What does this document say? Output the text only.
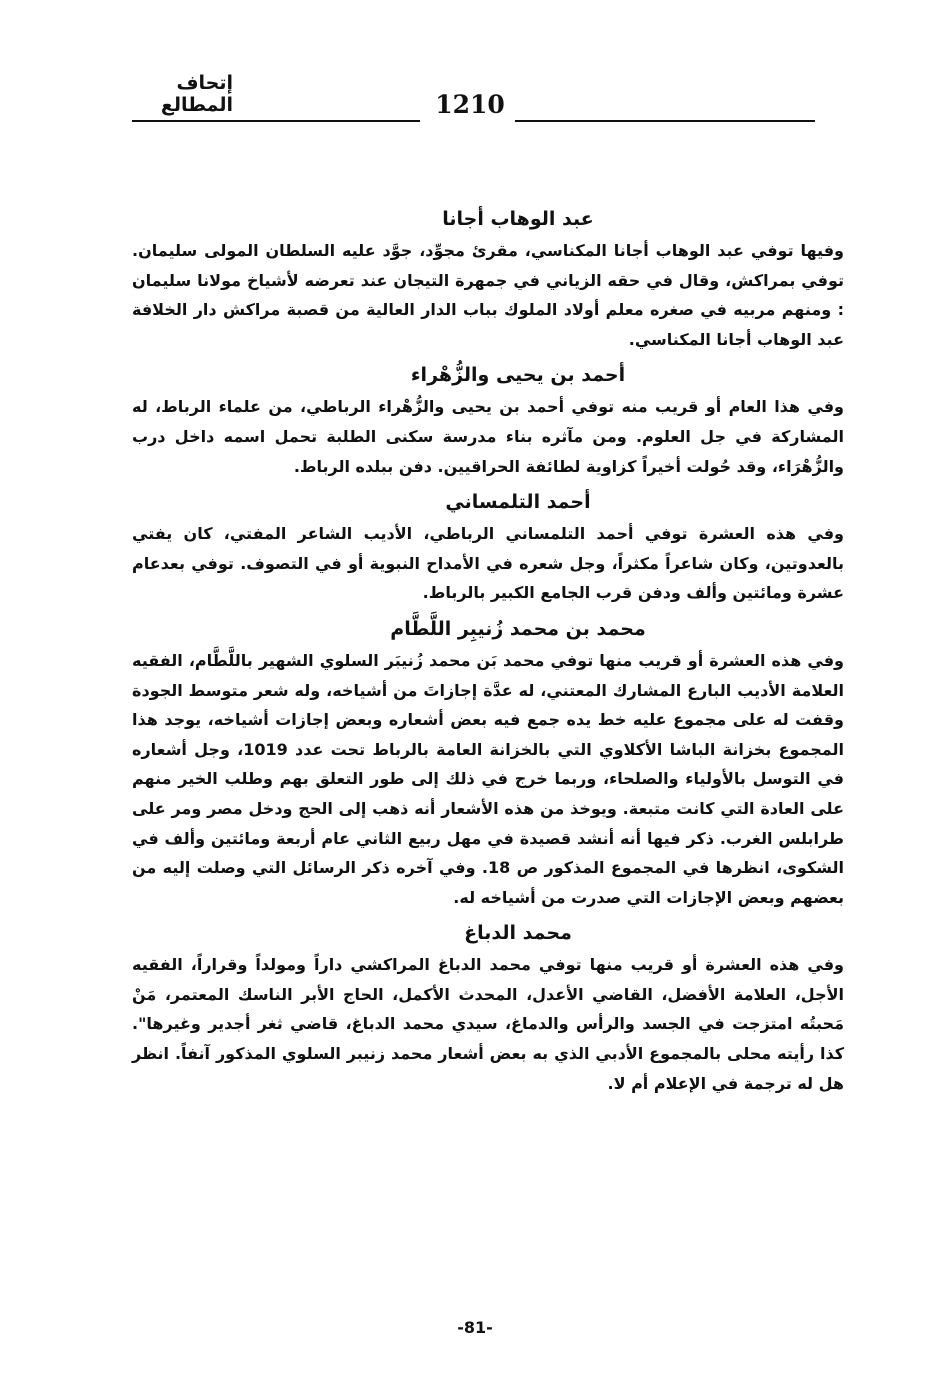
إتحاف المطالع	1210
عبد الوهاب أجانا

وفيها توفي عبد الوهاب أجانا المكناسي، مقرئ مجوِّد، جوَّد عليه السلطان المولى سليمان. توفي بمراكش، وقال في حقه الزياني في جمهرة التيجان عند تعرضه لأشياخ مولانا سليمان : ومنهم مربيه في صغره معلم أولاد الملوك بباب الدار العالية من قصبة مراكش دار الخلافة عبد الوهاب أجانا المكناسي.

أحمد بن يحيى والزُّهْراء

وفي هذا العام أو قريب منه توفي أحمد بن يحيى والزُّهْراء الرباطي، من علماء الرباط، له المشاركة في جل العلوم. ومن مآثره بناء مدرسة سكنى الطلبة تحمل اسمه داخل درب والزُّهْرَاء، وقد حُولت أخيراً كزاوية لطائفة الحراقيين. دفن ببلده الرباط.

أحمد التلمساني

وفي هذه العشرة توفي أحمد التلمساني الرباطي، الأديب الشاعر المفتي، كان يفتي بالعدوتين، وكان شاعراً مكثراً، وجل شعره في الأمداح النبوية أو في التصوف. توفي بعدعام عشرة ومائتين وألف ودفن قرب الجامع الكبير بالرباط.

محمد بن محمد زُنيبِر اللَّطَّام

وفي هذه العشرة أو قريب منها توفي محمد بَن محمد زُنيبَر السلوي الشهير باللَّطَّام، الفقيه العلامة الأديب البارع المشارك المعتني، له عدَّة إجازاتَ من أشياخه، وله شعر متوسط الجودة وقفت له على مجموع عليه خط يده جمع فيه بعض أشعاره وبعض إجازات أشياخه، يوجد هذا المجموع بخزانة الباشا الأكلاوي التي بالخزانة العامة بالرباط تحت عدد 1019، وجل أشعاره في التوسل بالأولياء والصلحاء، وربما خرج في ذلك إلى طور التعلق بهم وطلب الخير منهم على العادة التي كانت متبعة. ويوخذ من هذه الأشعار أنه ذهب إلى الحج ودخل مصر ومر على طرابلس الغرب. ذكر فيها أنه أنشد قصيدة في مهل ربيع الثاني عام أربعة ومائتين وألف في الشكوى، انظرها في المجموع المذكور ص 18. وفي آخره ذكر الرسائل التي وصلت إليه من بعضهم وبعض الإجازات التي صدرت من أشياخه له.

محمد الدباغ

وفي هذه العشرة أو قريب منها توفي محمد الدباغ المراكشي داراً ومولداً وقراراً، الفقيه الأجل، العلامة الأفضل، القاضي الأعدل، المحدث الأكمل، الحاج الأبر الناسك المعتمر، مَنْ مَحبتُه امتزجت في الجسد والرأس والدماغ، سيدي محمد الدباغ، قاضي ثغر أجدير وغيرها". كذا رأيته محلى بالمجموع الأدبي الذي به بعض أشعار محمد زنيبر السلوي المذكور آنفاً. انظر هل له ترجمة في الإعلام أم لا.

-81-
